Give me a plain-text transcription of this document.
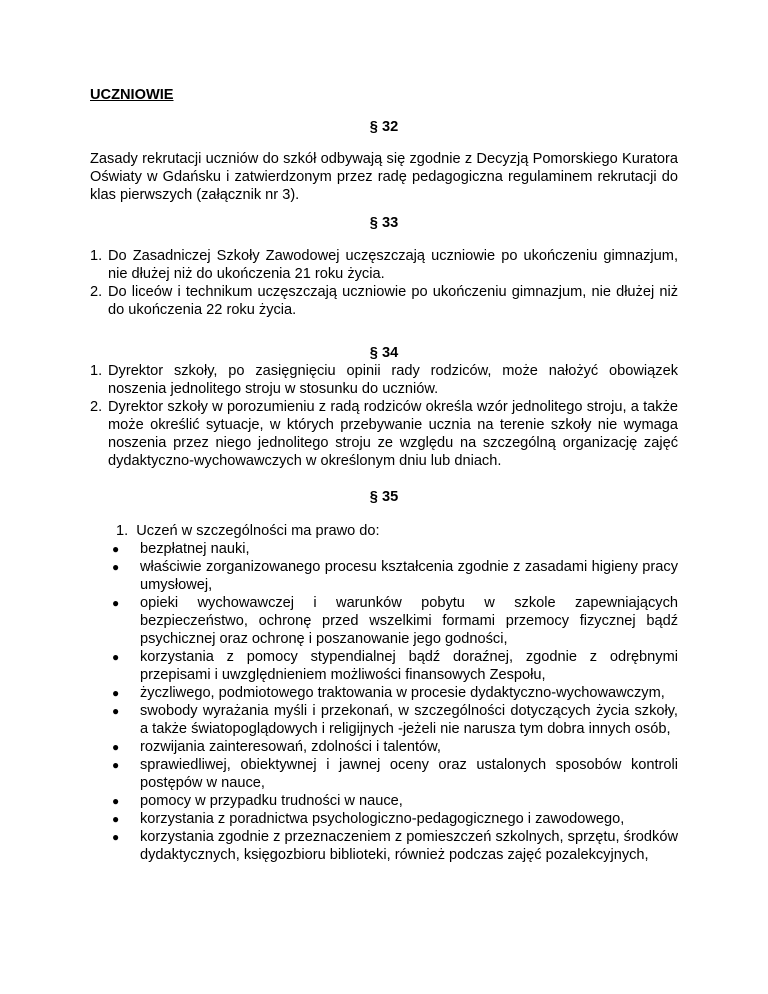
UCZNIOWIE
§ 32
Zasady rekrutacji uczniów do szkół odbywają się zgodnie z Decyzją Pomorskiego Kuratora Oświaty w Gdańsku i zatwierdzonym przez radę pedagogiczna regulaminem rekrutacji do klas pierwszych (załącznik nr 3).
§ 33
1. Do Zasadniczej Szkoły Zawodowej uczęszczają uczniowie po ukończeniu gimnazjum, nie dłużej niż do ukończenia 21 roku życia.
2. Do liceów i technikum uczęszczają uczniowie po ukończeniu gimnazjum, nie dłużej niż do ukończenia 22 roku życia.
§ 34
1. Dyrektor szkoły, po zasięgnięciu opinii rady rodziców, może nałożyć obowiązek noszenia jednolitego stroju w stosunku do uczniów.
2. Dyrektor szkoły w porozumieniu z radą rodziców określa wzór jednolitego stroju, a także może określić sytuacje, w których przebywanie ucznia na terenie szkoły nie wymaga noszenia przez niego jednolitego stroju ze względu na szczególną organizację zajęć dydaktyczno-wychowawczych w określonym dniu lub dniach.
§ 35
1. Uczeń w szczególności ma prawo do:
● bezpłatnej nauki,
● właściwie zorganizowanego procesu kształcenia zgodnie z zasadami higieny pracy umysłowej,
● opieki wychowawczej i warunków pobytu w szkole zapewniających bezpieczeństwo, ochronę przed wszelkimi formami przemocy fizycznej bądź psychicznej oraz ochronę i poszanowanie jego godności,
● korzystania z pomocy stypendialnej bądź doraźnej, zgodnie z odrębnymi przepisami i uwzględnieniem możliwości finansowych Zespołu,
● życzliwego, podmiotowego traktowania w procesie dydaktyczno-wychowawczym,
● swobody wyrażania myśli i przekonań, w szczególności dotyczących życia szkoły, a także światopoglądowych i religijnych -jeżeli nie narusza tym dobra innych osób,
● rozwijania zainteresowań, zdolności i talentów,
● sprawiedliwej, obiektywnej i jawnej oceny oraz ustalonych sposobów kontroli postępów w nauce,
● pomocy w przypadku trudności w nauce,
● korzystania z poradnictwa psychologiczno-pedagogicznego i zawodowego,
● korzystania zgodnie z przeznaczeniem z pomieszczeń szkolnych, sprzętu, środków dydaktycznych, księgozbioru biblioteki, również podczas zajęć pozalekcyjnych,
